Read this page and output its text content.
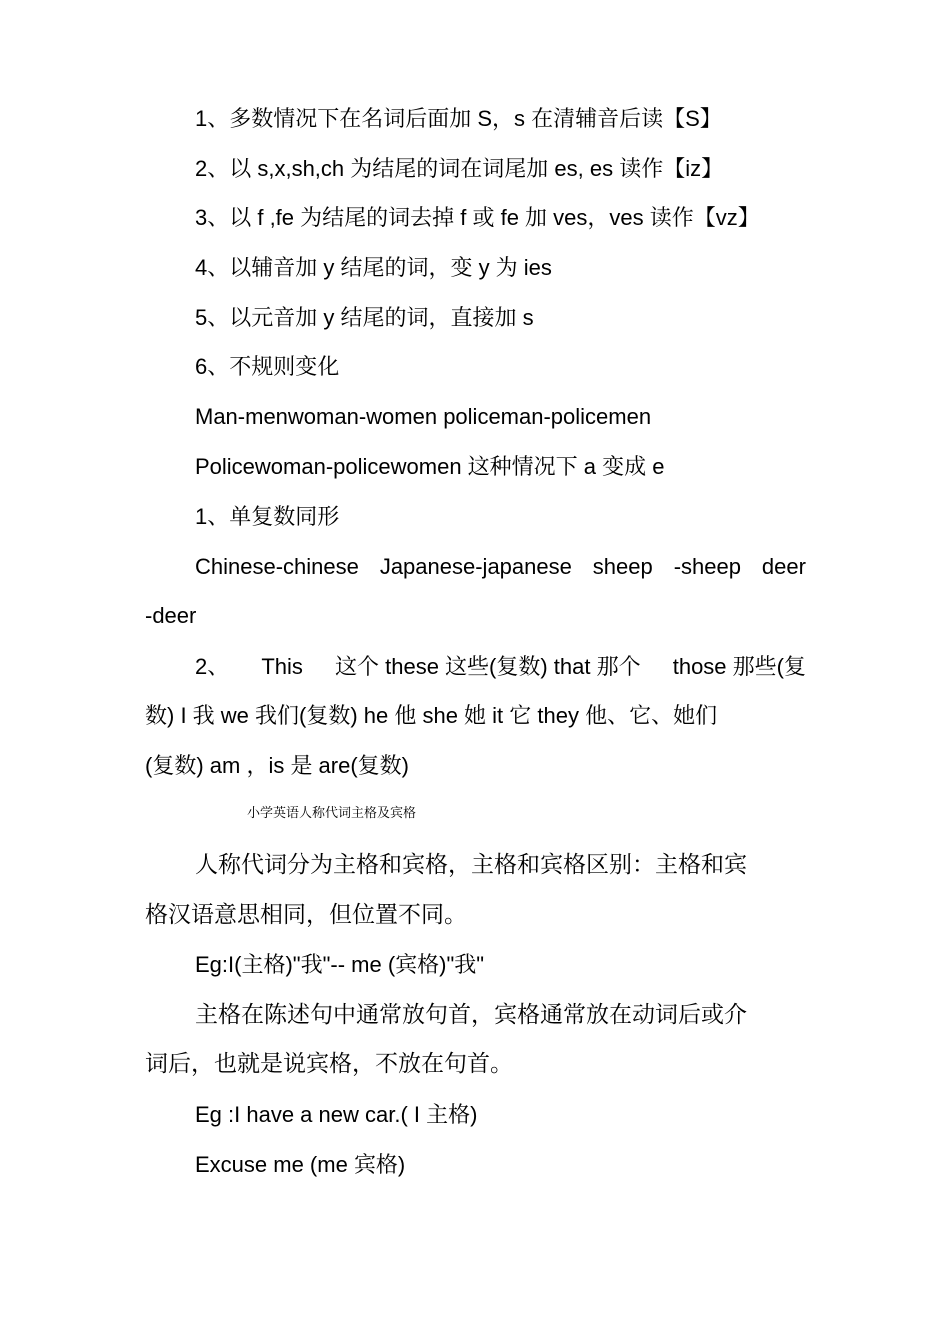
1、多数情况下在名词后面加 S，s 在清辅音后读【S】
2、以 s,x,sh,ch 为结尾的词在词尾加 es, es 读作【iz】
3、以 f ,fe 为结尾的词去掉 f 或 fe 加 ves，ves 读作【vz】
4、以辅音加 y 结尾的词，变 y 为 ies
5、以元音加 y 结尾的词，直接加 s
6、不规则变化
Man-menwoman-women policeman-policemen
Policewoman-policewomen 这种情况下 a 变成 e
1、单复数同形
Chinese-chinese Japanese-japanese sheep -sheep deer
-deer
2、 This 这个 these 这些(复数) that 那个 those 那些(复
数) I 我 we 我们(复数) he 他 she 她 it 它 they 他、它、她们
(复数) am ，is 是 are(复数)
小学英语人称代词主格及宾格
人称代词分为主格和宾格，主格和宾格区别：主格和宾
格汉语意思相同，但位置不同。
Eg:I(主格)"我"-- me (宾格)"我"
主格在陈述句中通常放句首，宾格通常放在动词后或介
词后，也就是说宾格，不放在句首。
Eg :I have a new car.( I 主格)
Excuse me (me 宾格)
